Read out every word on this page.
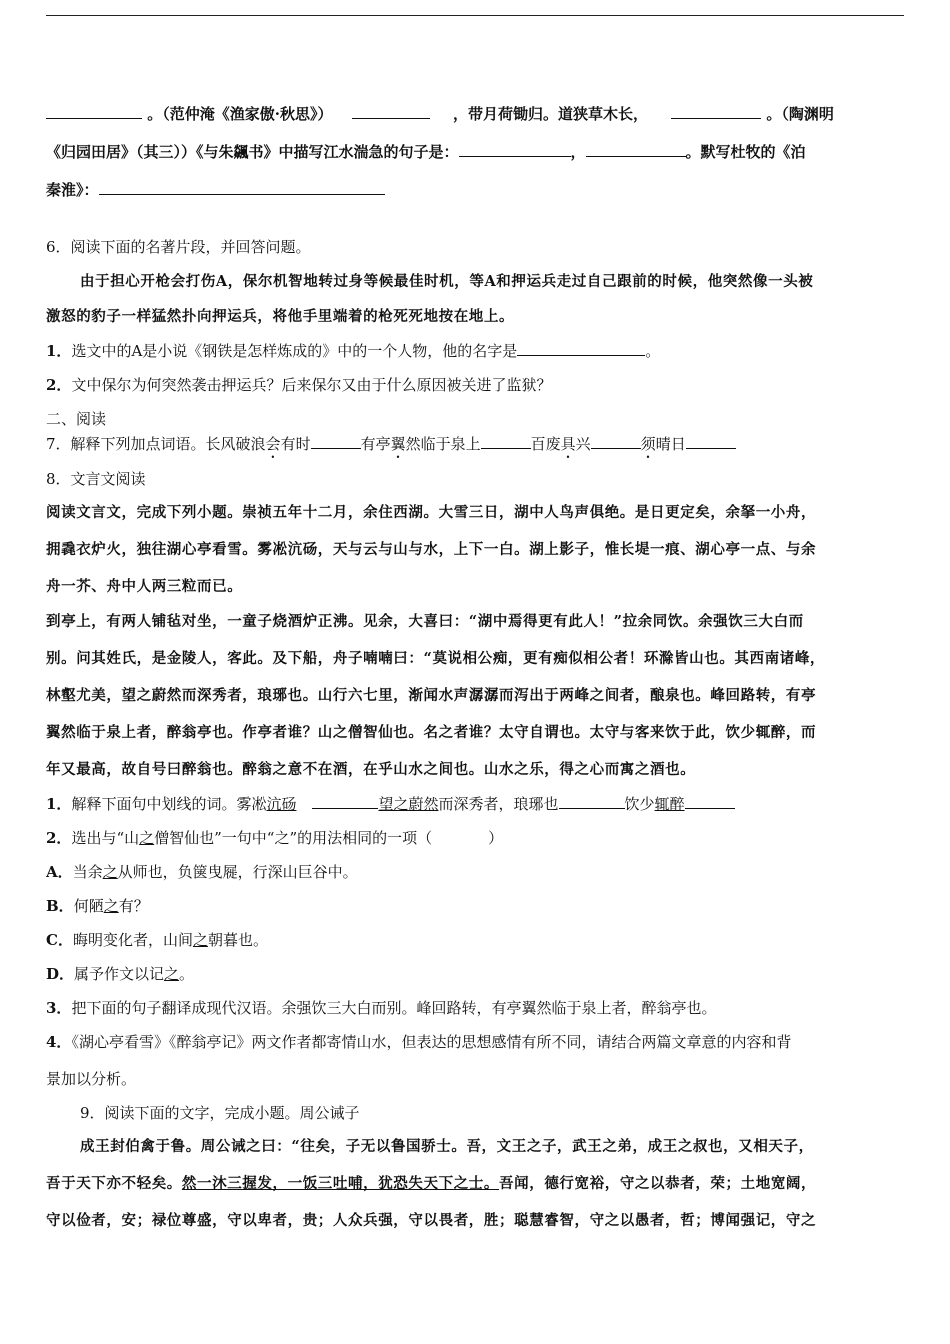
。（范仲淹《渔家傲·秋思》）	，带月荷锄归。道狭草木长，	。（陶渊明
《归园田居》（其三））《与朱飊书》中描写江水湍急的句子是：	，	。默写杜牧的《泊
秦淮》：
6．阅读下面的名著片段，并回答问题。
由于担心开枪会打伤A，保尔机智地转过身等候最佳时机，等A和押运兵走过自己跟前的时候，他突然像一头被
激怒的豹子一样猛然扑向押运兵，将他手里端着的枪死死地按在地上。
1．选文中的A是小说《钢铁是怎样炼成的》中的一个人物，他的名字是	。
2．文中保尔为何突然袭击押运兵？后来保尔又由于什么原因被关进了监狱？
二、阅读
7．解释下列加点词语。长风破浪会有时	有亭翼然临于泉上	百废具兴	须晴日
8．文言文阅读
阅读文言文，完成下列小题。崇祯五年十二月，余住西湖。大雪三日，湖中人鸟声俱绝。是日更定矣，余拏一小舟，
拥毳衣炉火，独往湖心亭看雪。雾凇沆砀，天与云与山与水，上下一白。湖上影子，惟长堤一痕、湖心亭一点、与余
舟一芥、舟中人两三粒而已。
到亭上，有两人铺毡对坐，一童子烧酒炉正沸。见余，大喜曰：“湖中焉得更有此人！”拉余同饮。余强饮三大白而
别。问其姓氏，是金陵人，客此。及下船，舟子喃喃曰：“莫说相公痴，更有痴似相公者！环滁皆山也。其西南诸峰，
林壑尤美，望之蔚然而深秀者，琅琊也。山行六七里，渐闻水声潺潺而泻出于两峰之间者，酿泉也。峰回路转，有亭
翼然临于泉上者，醉翁亭也。作亭者谁？山之僧智仙也。名之者谁？太守自谓也。太守与客来饮于此，饮少辄醉，而
年又最高，故自号曰醉翁也。醉翁之意不在酒，在乎山水之间也。山水之乐，得之心而寓之酒也。
1．解释下面句中划线的词。雾凇沆砀	望之蔚然而深秀者，琅琊也	饮少辄醉
2．选出与“山之僧智仙也”一句中“之”的用法相同的一项（	）
A．当余之从师也，负箧曳屣，行深山巨谷中。
B．何陋之有？
C．晦明变化者，山间之朝暮也。
D．属予作文以记之。
3．把下面的句子翻译成现代汉语。余强饮三大白而别。峰回路转，有亭翼然临于泉上者，醉翁亭也。
4．《湖心亭看雪》《醉翁亭记》两文作者都寄情山水，但表达的思想感情有所不同，请结合两篇文章意的内容和背
景加以分析。
9．阅读下面的文字，完成小题。周公诫子
成王封伯禽于鲁。周公诫之曰：“往矣，子无以鲁国骄士。吾，文王之子，武王之弟，成王之叔也，又相天子，
吾于天下亦不轻矣。然一沐三握发，一饭三吐哺，犹恐失天下之士。吾闻，德行宽裕，守之以恭者，荣；土地宽阔，
守以俭者，安；禄位尊盛，守以卑者，贵；人众兵强，守以畏者，胜；聪慧睿智，守之以愚者，哲；博闻强记，守之
